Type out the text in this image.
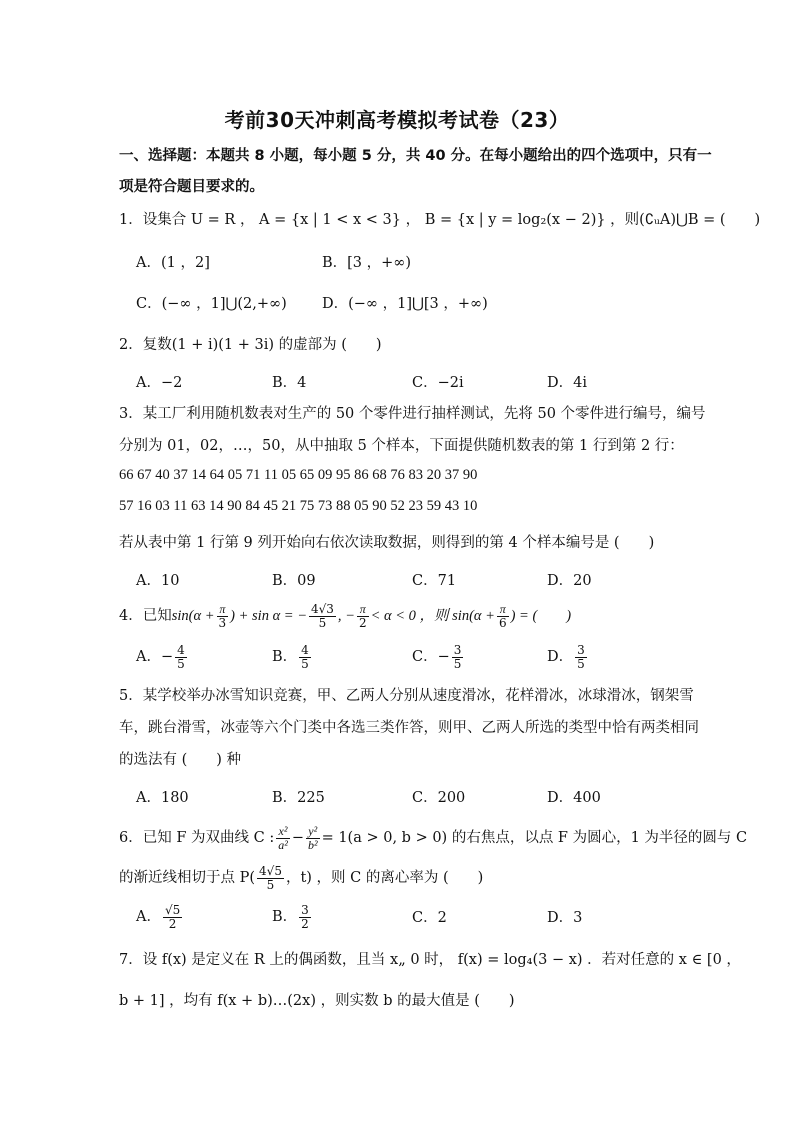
考前30天冲刺高考模拟考试卷（23）
一、选择题：本题共 8 小题，每小题 5 分，共 40 分。在每小题给出的四个选项中，只有一
项是符合题目要求的。
1．设集合 U = R ， A = {x | 1 < x < 3} ， B = {x | y = log₂(x − 2)} ，则(∁ᵤA)⋃B = (　　)
A．(1 ，2]	B．[3 ，+∞)
C．(−∞ ，1]⋃(2,+∞) D．(−∞ ，1]⋃[3 ，+∞)
2．复数(1 + i)(1 + 3i) 的虚部为 (　　)
A．−2	B．4	C．−2i	D．4i
3．某工厂利用随机数表对生产的 50 个零件进行抽样测试，先将 50 个零件进行编号，编号
分别为 01，02，…，50，从中抽取 5 个样本，下面提供随机数表的第 1 行到第 2 行：
66 67 40 37 14 64 05 71 11 05 65 09 95 86 68 76 83 20 37 90
57 16 03 11 63 14 90 84 45 21 75 73 88 05 90 52 23 59 43 10
若从表中第 1 行第 9 列开始向右依次读取数据，则得到的第 4 个样本编号是 (　　)
A．10	B．09	C．71	D．20
4．已知$\sin(\alpha + \frac{\pi}{3}$ ) + sin α = − $\frac{4√3}{5}$ , − $\frac{\pi}{2} < \alpha < 0$ ，则 $\sin(\alpha + \frac{\pi}{6}$ ) = (　　)
A．− $\frac{4}{5}$	B． $\frac{4}{5}$	C．− $\frac{3}{5}$	D． $\frac{3}{5}$
5．某学校举办冰雪知识竞赛，甲、乙两人分别从速度滑冰，花样滑冰，冰球滑冰，钢架雪
车，跳台滑雪，冰壶等六个门类中各选三类作答，则甲、乙两人所选的类型中恰有两类相同
的选法有 (　　) 种
A．180	B．225	C．200	D．400
6．已知 F 为双曲线 C : $\frac{\text{x²}}{\text{a²}} - \frac{\text{y²}}{\text{b²}} = 1(a > 0$, b > 0) 的右焦点，以点 F 为圆心，1 为半径的圆与 C
的渐近线相切于点 $P( \frac{4√5}{5}$ ，t) ，则 C 的离心率为 (　　)
A． $\frac{√5}{2}$	B． $\frac{3}{2}$	C．2	D．3
7．设 f(x) 是定义在 R 上的偶函数，且当 x„ 0 时， f(x) = log₄(3 − x) ．若对任意的 x ∈ [0 ，
b + 1] ，均有 f(x + b)…(2x) ，则实数 b 的最大值是 (　　)
